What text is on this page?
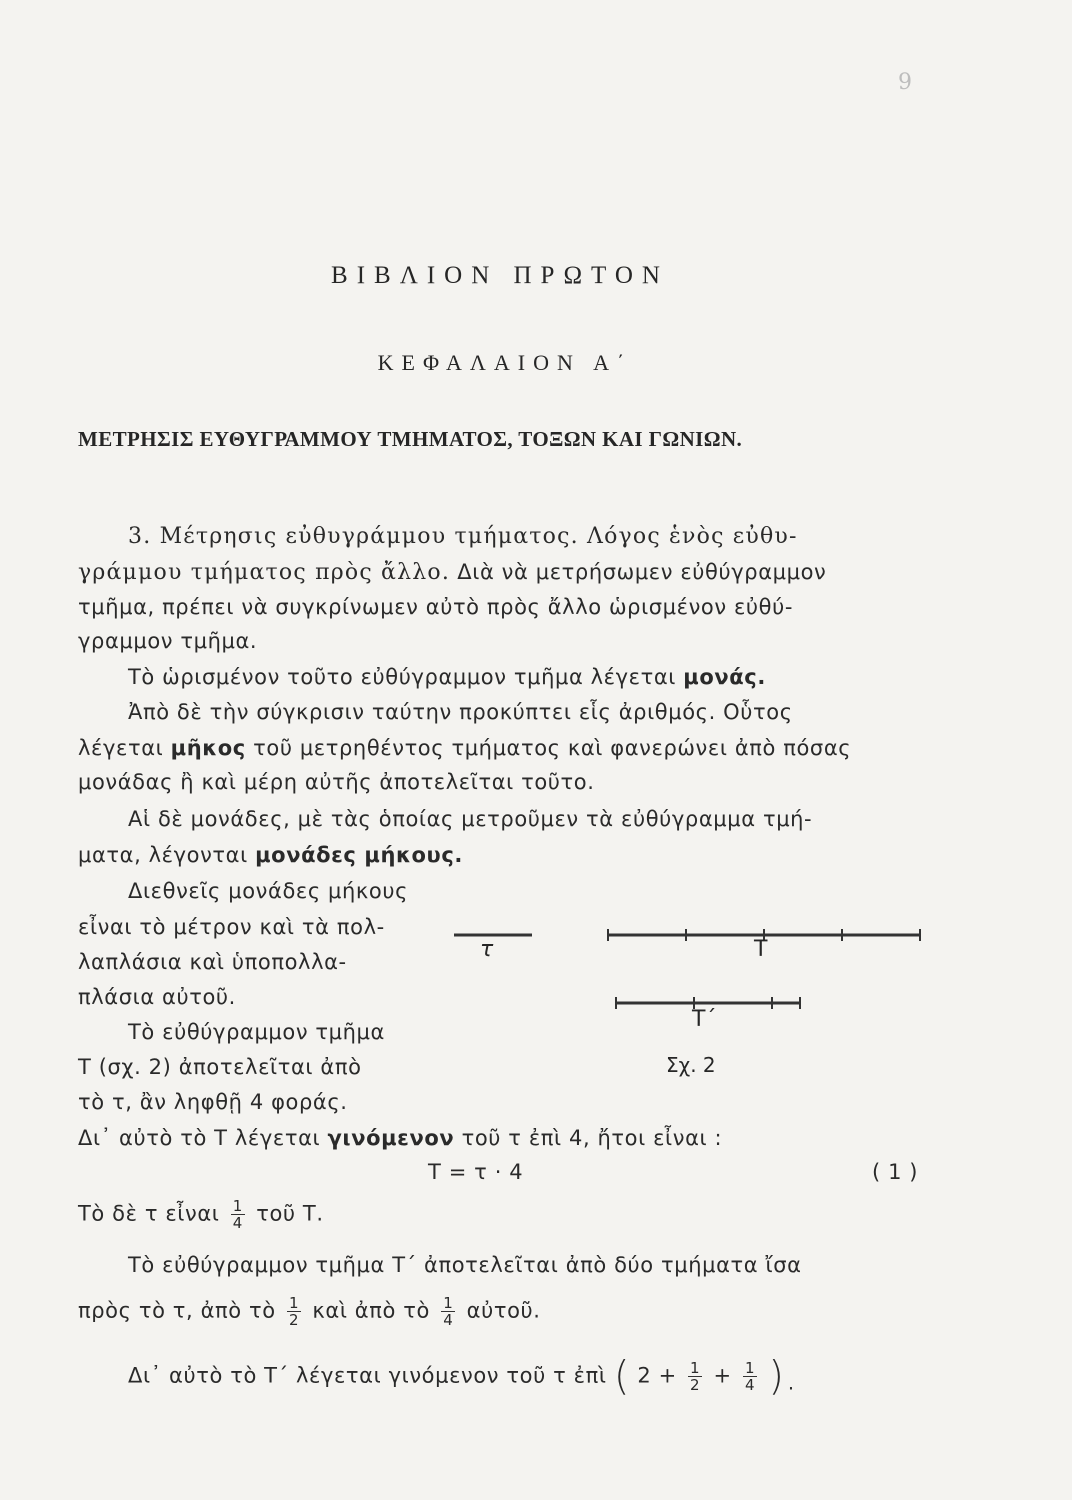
9
ΒΙΒΛΙΟΝ ΠΡΩΤΟΝ
ΚΕΦΑΛΑΙΟΝ Α΄
ΜΕΤΡΗΣΙΣ ΕΥΘΥΓΡΑΜΜΟΥ ΤΜΗΜΑΤΟΣ, ΤΟΞΩΝ ΚΑΙ ΓΩΝΙΩΝ.
3. Μέτρησις εὐθυγράμμου τμήματος. Λόγος ἑνὸς εὐθυ-
γράμμου τμήματος πρὸς ἄλλο. Διὰ νὰ μετρήσωμεν εὐθύγραμμον
τμῆμα, πρέπει νὰ συγκρίνωμεν αὐτὸ πρὸς ἄλλο ὡρισμένον εὐθύ-
γραμμον τμῆμα.
Τὸ ὡρισμένον τοῦτο εὐθύγραμμον τμῆμα λέγεται μονάς.
Ἀπὸ δὲ τὴν σύγκρισιν ταύτην προκύπτει εἷς ἀριθμός. Οὗτος
λέγεται μῆκος τοῦ μετρηθέντος τμήματος καὶ φανερώνει ἀπὸ πόσας
μονάδας ἢ καὶ μέρη αὐτῆς ἀποτελεῖται τοῦτο.
Αἱ δὲ μονάδες, μὲ τὰς ὁποίας μετροῦμεν τὰ εὐθύγραμμα τμή-
ματα, λέγονται μονάδες μήκους.
Διεθνεῖς μονάδες μήκους
εἶναι τὸ μέτρον καὶ τὰ πολ-
λαπλάσια καὶ ὑποπολλα-
πλάσια αὐτοῦ.
Τὸ εὐθύγραμμον τμῆμα
Τ (σχ. 2) ἀποτελεῖται ἀπὸ
τὸ τ, ἂν ληφθῇ 4 φοράς.
Δι᾽ αὐτὸ τὸ Τ λέγεται γινόμενον τοῦ τ ἐπὶ 4, ἤτοι εἶναι :
Τ = τ · 4	( 1 )
Τὸ δὲ τ εἶναι $\frac{1}{4}$ τοῦ Τ.
Τὸ εὐθύγραμμον τμῆμα Τ΄ ἀποτελεῖται ἀπὸ δύο τμήματα ἴσα
πρὸς τὸ τ, ἀπὸ τὸ $\frac{1}{2}$ καὶ ἀπὸ τὸ $\frac{1}{4}$ αὐτοῦ.
Δι᾽ αὐτὸ τὸ Τ΄ λέγεται γινόμενον τοῦ τ ἐπὶ ( $2 + \frac{1}{2} + \frac{1}{4}$ ).
τ	Τ
Τ΄
Σχ. 2
